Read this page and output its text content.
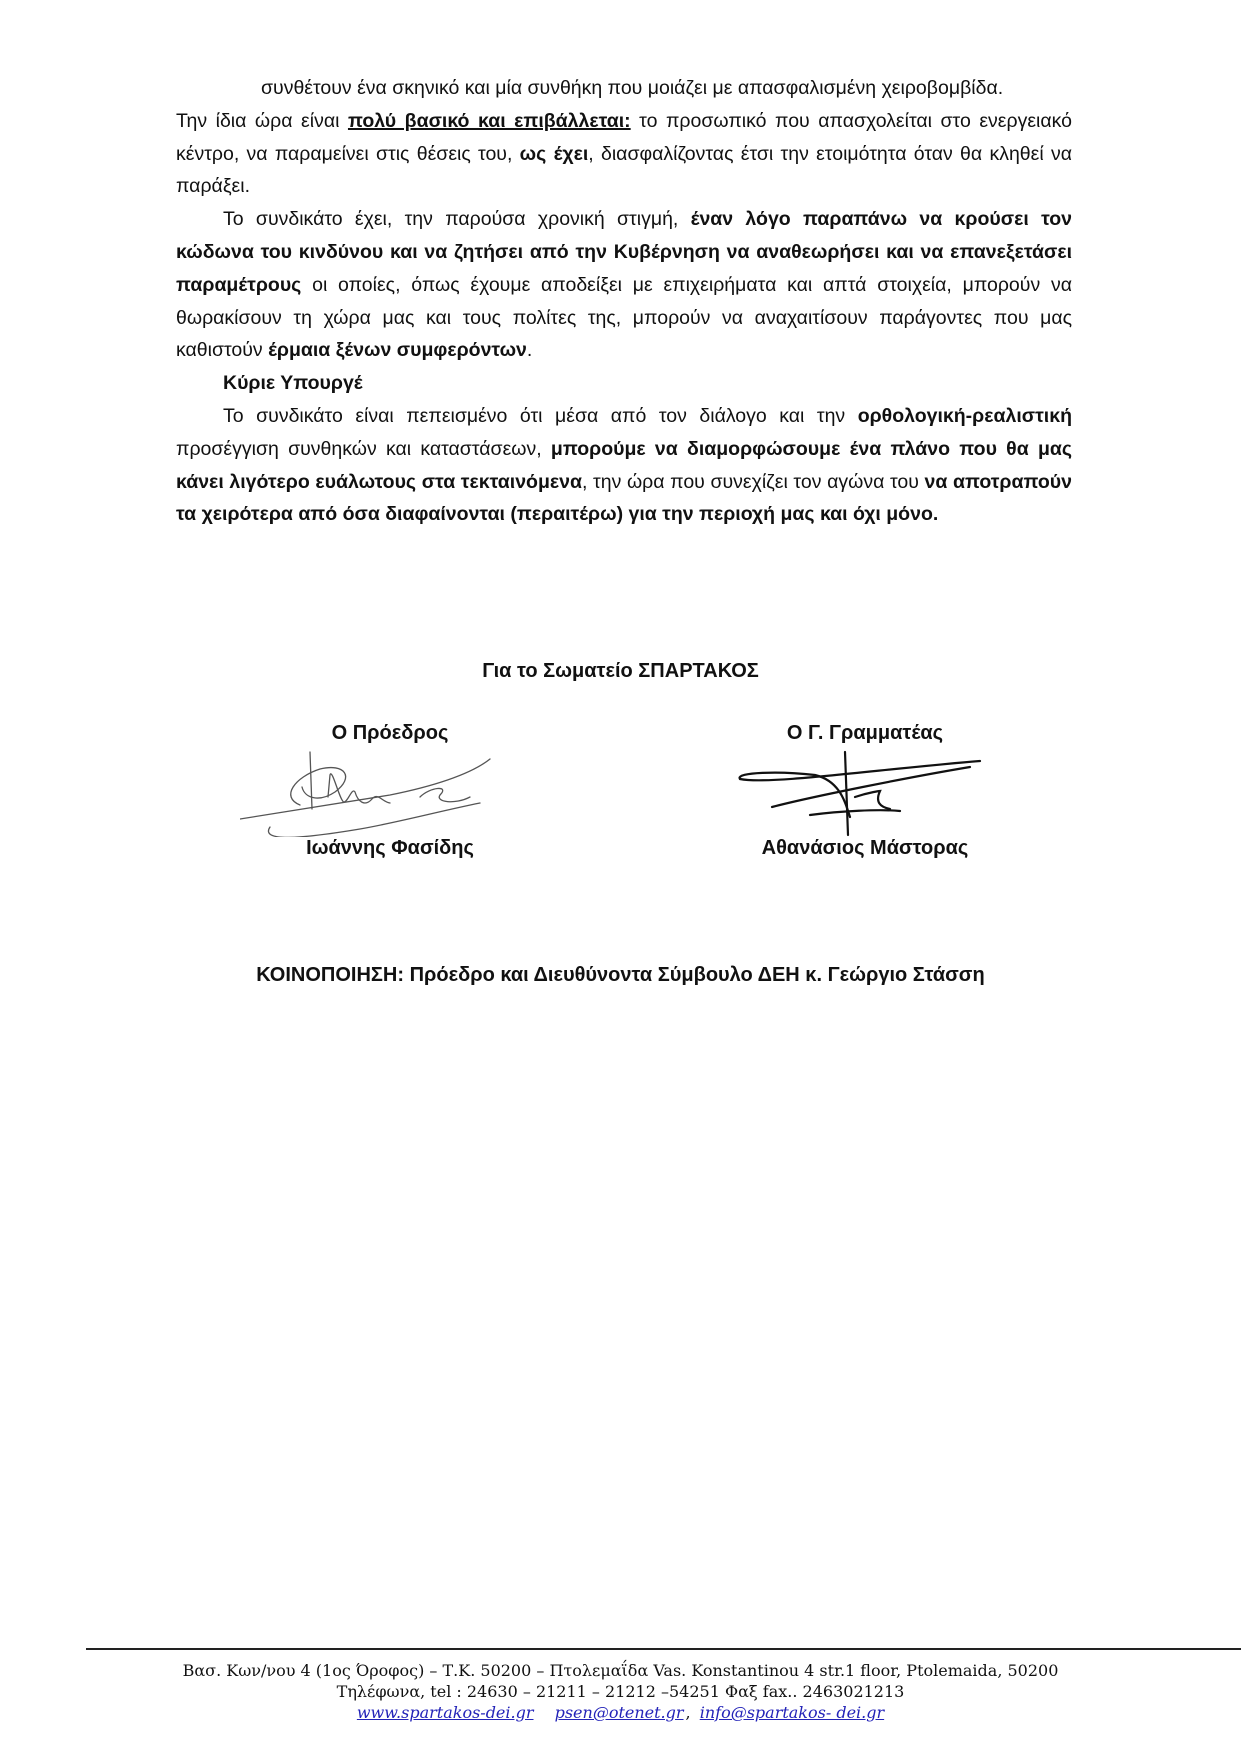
συνθέτουν ένα σκηνικό και μία συνθήκη που μοιάζει με απασφαλισμένη χειροβομβίδα.

Την ίδια ώρα είναι πολύ βασικό και επιβάλλεται: το προσωπικό που απασχολείται στο ενεργειακό κέντρο, να παραμείνει στις θέσεις του, ως έχει, διασφαλίζοντας έτσι την ετοιμότητα όταν θα κληθεί να παράξει.

Το συνδικάτο έχει, την παρούσα χρονική στιγμή, έναν λόγο παραπάνω να κρούσει τον κώδωνα του κινδύνου και να ζητήσει από την Κυβέρνηση να αναθεωρήσει και να επανεξετάσει παραμέτρους οι οποίες, όπως έχουμε αποδείξει με επιχειρήματα και απτά στοιχεία, μπορούν να θωρακίσουν τη χώρα μας και τους πολίτες της, μπορούν να αναχαιτίσουν παράγοντες που μας καθιστούν έρμαια ξένων συμφερόντων.

Κύριε Υπουργέ

Το συνδικάτο είναι πεπεισμένο ότι μέσα από τον διάλογο και την ορθολογική-ρεαλιστική προσέγγιση συνθηκών και καταστάσεων, μπορούμε να διαμορφώσουμε ένα πλάνο που θα μας κάνει λιγότερο ευάλωτους στα τεκταινόμενα, την ώρα που συνεχίζει τον αγώνα του να αποτραπούν τα χειρότερα από όσα διαφαίνονται (περαιτέρω) για την περιοχή μας και όχι μόνο.

Για το Σωματείο ΣΠΑΡΤΑΚΟΣ
Ο Πρόεδρος
Ιωάννης Φασίδης
Ο Γ. Γραμματέας
Αθανάσιος Μάστορας
ΚΟΙΝΟΠΟΙΗΣΗ: Πρόεδρο και Διευθύνοντα Σύμβουλο ΔΕΗ κ. Γεώργιο Στάσση
Βασ. Κων/νου 4 (1ος Όροφος) – Τ.Κ. 50200 – Πτολεμαΐδα Vas. Konstantinou 4 str.1 floor, Ptolemaida, 50200
Τηλέφωνα, tel : 24630 – 21211 – 21212 –54251 Φαξ fax.. 2463021213
www.spartakos-dei.gr psen@otenet.gr , info@spartakos- dei.gr
